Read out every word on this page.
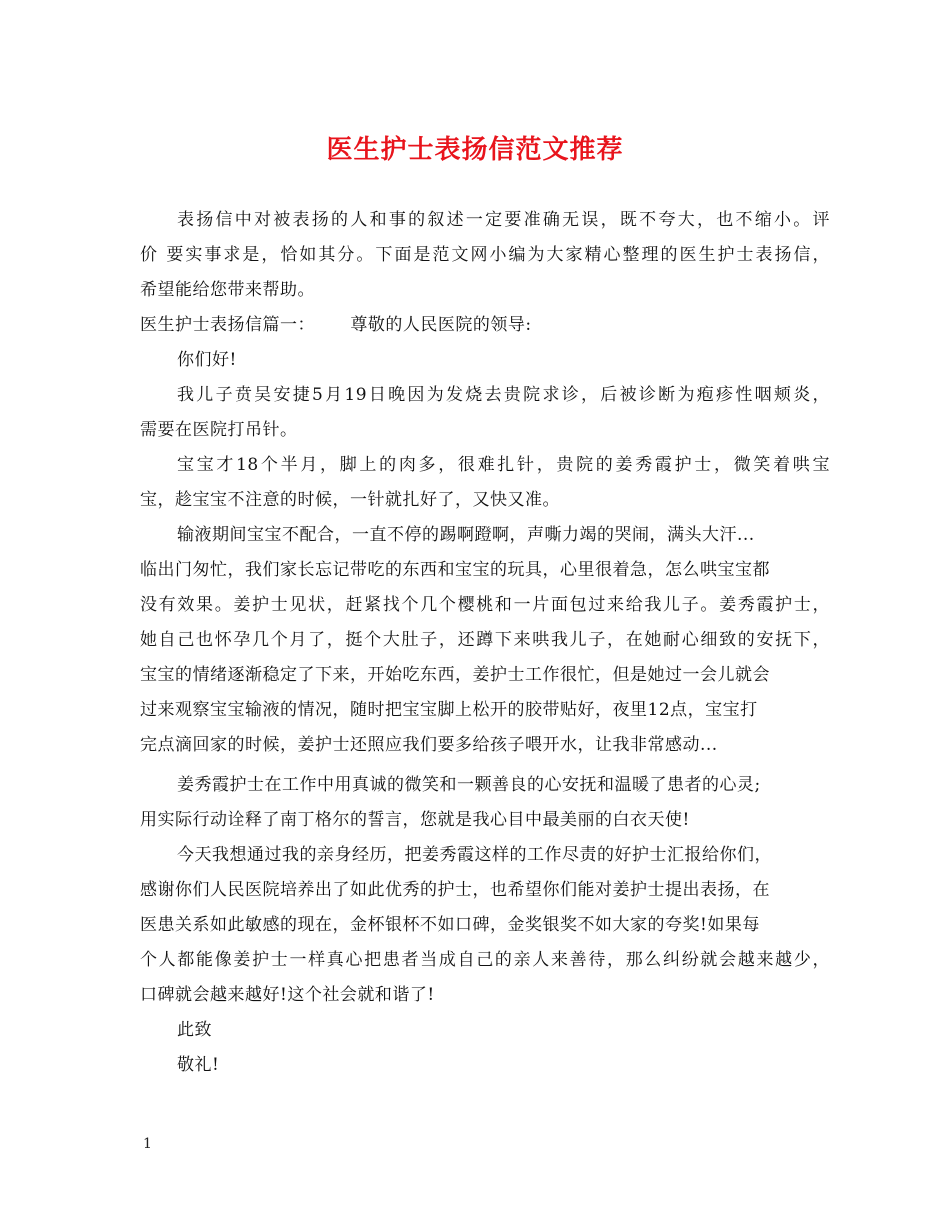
医生护士表扬信范文推荐
表扬信中对被表扬的人和事的叙述一定要准确无误，既不夸大，也不缩小。评
价 要实事求是，恰如其分。下面是范文网小编为大家精心整理的医生护士表扬信，
希望能给您带来帮助。
医生护士表扬信篇一：      尊敬的人民医院的领导:
你们好!
我儿子贲吴安捷5月19日晚因为发烧去贵院求诊，后被诊断为疱疹性咽颊炎，
需要在医院打吊针。
宝宝才18个半月，脚上的肉多，很难扎针，贵院的姜秀霞护士，微笑着哄宝
宝，趁宝宝不注意的时候，一针就扎好了，又快又准。
输液期间宝宝不配合，一直不停的踢啊蹬啊，声嘶力竭的哭闹，满头大汗...
临出门匆忙，我们家长忘记带吃的东西和宝宝的玩具，心里很着急，怎么哄宝宝都
没有效果。姜护士见状，赶紧找个几个樱桃和一片面包过来给我儿子。姜秀霞护士，
她自己也怀孕几个月了，挺个大肚子，还蹲下来哄我儿子，在她耐心细致的安抚下，
宝宝的情绪逐渐稳定了下来，开始吃东西，姜护士工作很忙，但是她过一会儿就会
过来观察宝宝输液的情况，随时把宝宝脚上松开的胶带贴好，夜里12点，宝宝打
完点滴回家的时候，姜护士还照应我们要多给孩子喂开水，让我非常感动...
姜秀霞护士在工作中用真诚的微笑和一颗善良的心安抚和温暖了患者的心灵;
用实际行动诠释了南丁格尔的誓言，您就是我心目中最美丽的白衣天使!
今天我想通过我的亲身经历，把姜秀霞这样的工作尽责的好护士汇报给你们，
感谢你们人民医院培养出了如此优秀的护士，也希望你们能对姜护士提出表扬，在
医患关系如此敏感的现在，金杯银杯不如口碑，金奖银奖不如大家的夸奖!如果每
个人都能像姜护士一样真心把患者当成自己的亲人来善待，那么纠纷就会越来越少，
口碑就会越来越好!这个社会就和谐了!
此致
敬礼!
1
